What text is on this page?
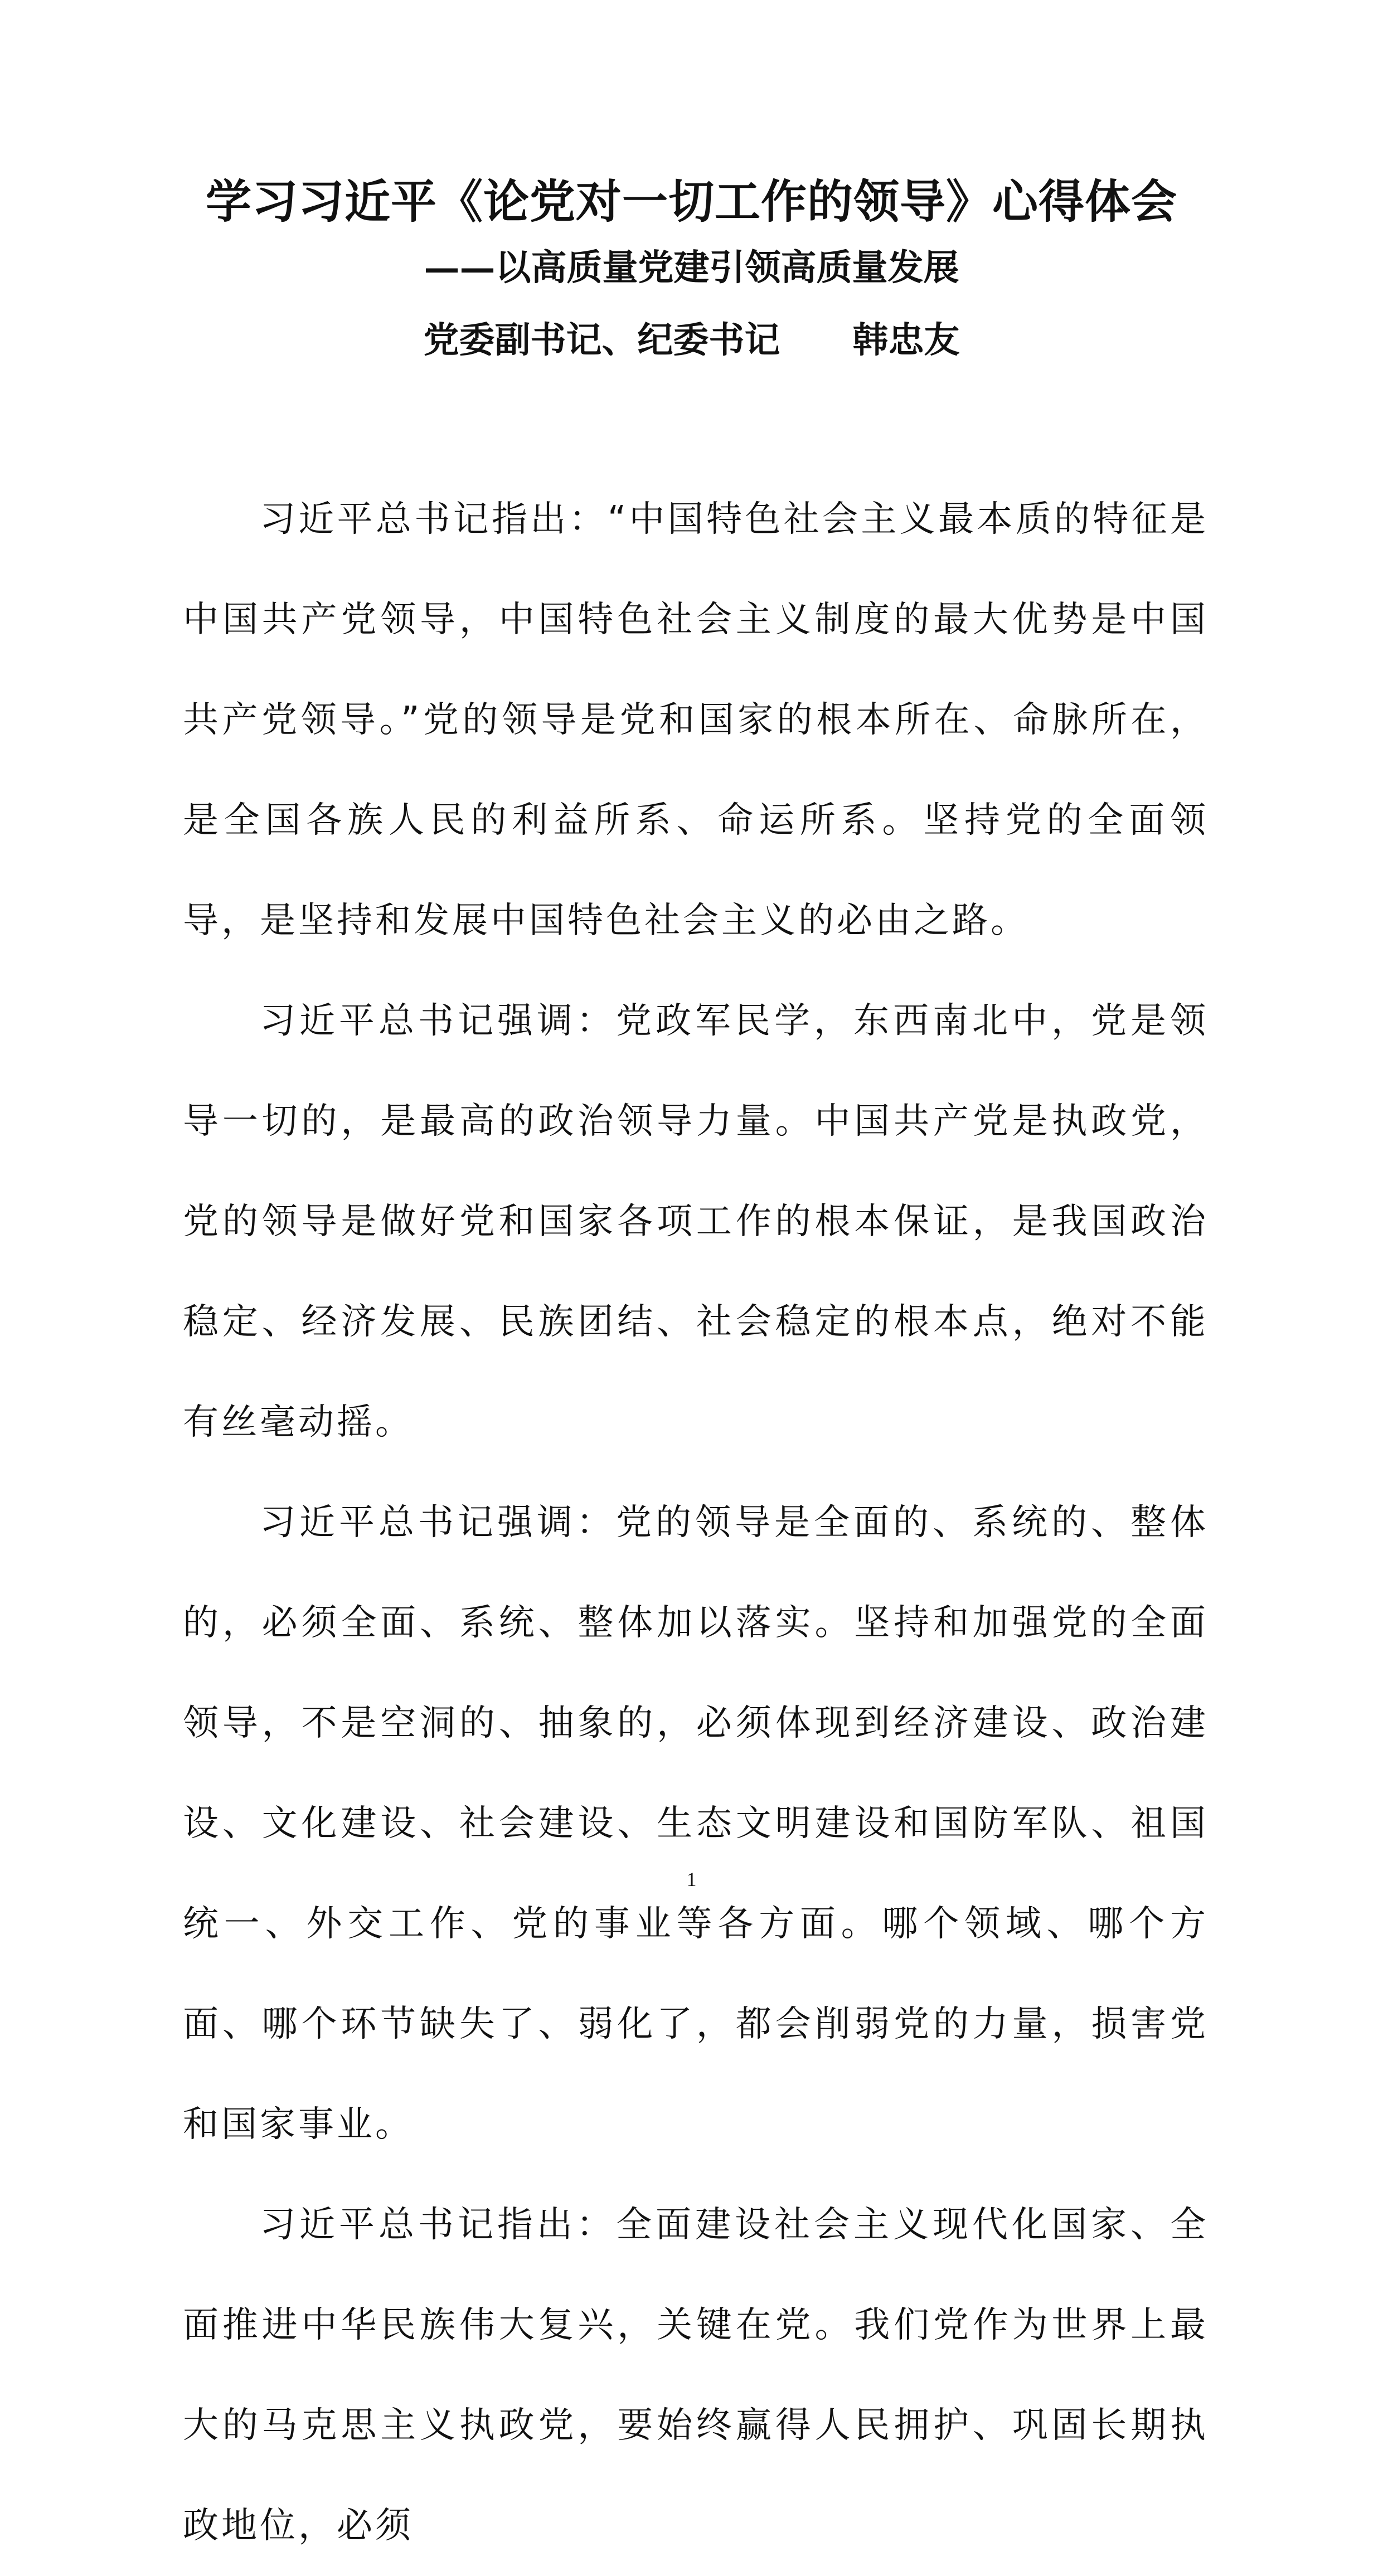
学习习近平《论党对一切工作的领导》心得体会
——以高质量党建引领高质量发展
党委副书记、纪委书记 韩忠友

习近平总书记指出：“中国特色社会主义最本质的特征是中国共产党领导，中国特色社会主义制度的最大优势是中国共产党领导。”党的领导是党和国家的根本所在、命脉所在，是全国各族人民的利益所系、命运所系。坚持党的全面领导，是坚持和发展中国特色社会主义的必由之路。

习近平总书记强调：党政军民学，东西南北中，党是领导一切的，是最高的政治领导力量。中国共产党是执政党，党的领导是做好党和国家各项工作的根本保证，是我国政治稳定、经济发展、民族团结、社会稳定的根本点，绝对不能有丝毫动摇。

习近平总书记强调：党的领导是全面的、系统的、整体的，必须全面、系统、整体加以落实。坚持和加强党的全面领导，不是空洞的、抽象的，必须体现到经济建设、政治建设、文化建设、社会建设、生态文明建设和国防军队、祖国统一、外交工作、党的事业等各方面。哪个领域、哪个方面、哪个环节缺失了、弱化了，都会削弱党的力量，损害党和国家事业。

习近平总书记指出：全面建设社会主义现代化国家、全面推进中华民族伟大复兴，关键在党。我们党作为世界上最大的马克思主义执政党，要始终赢得人民拥护、巩固长期执政地位，必须

1
